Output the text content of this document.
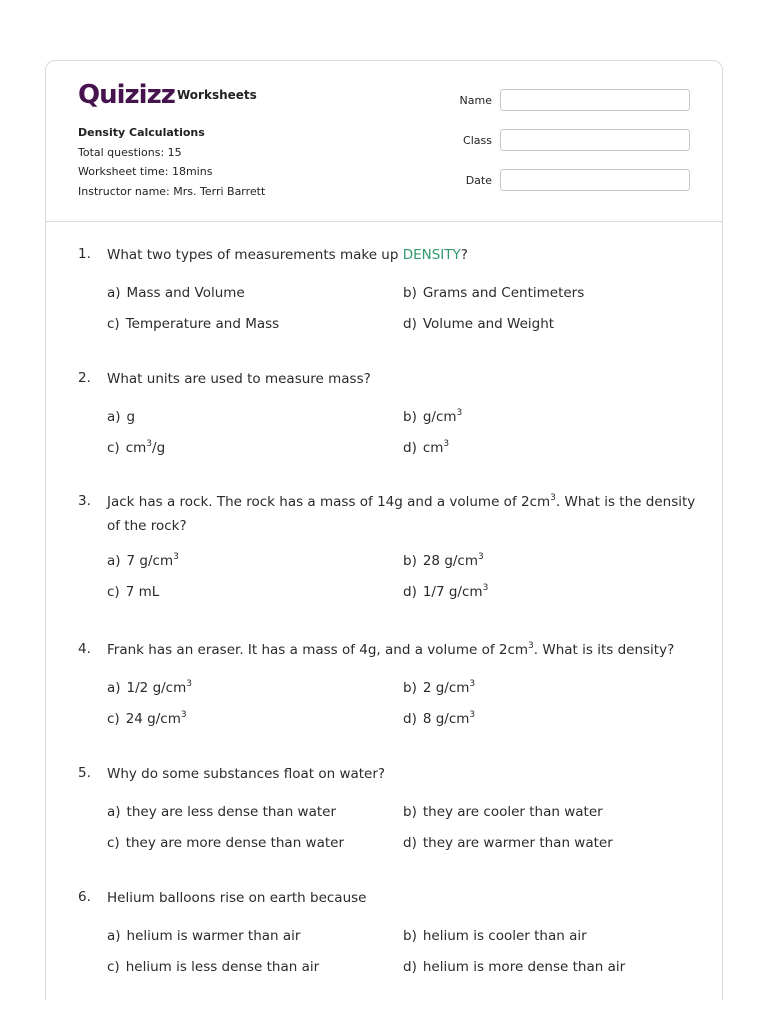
Quizizz Worksheets
Density Calculations
Total questions: 15
Worksheet time: 18mins
Instructor name: Mrs. Terri Barrett
Name
Class
Date
1. What two types of measurements make up DENSITY?
a) Mass and Volume	b) Grams and Centimeters
c) Temperature and Mass	d) Volume and Weight
2. What units are used to measure mass?
a) g	b) $g/cm^3$
c) $cm^3/g$	d) $cm^3$
3. Jack has a rock. The rock has a mass of 14g and a volume of $2cm^3$. What is the density of the rock?
a) 7 $g/cm^3$	b) 28 $g/cm^3$
c) 7 mL	d) 1/7 $g/cm^3$
4. Frank has an eraser. It has a mass of 4g, and a volume of $2cm^3$. What is its density?
a) 1/2 $g/cm^3$	b) 2 $g/cm^3$
c) 24 $g/cm^3$	d) 8 $g/cm^3$
5. Why do some substances float on water?
a) they are less dense than water	b) they are cooler than water
c) they are more dense than water	d) they are warmer than water
6. Helium balloons rise on earth because
a) helium is warmer than air	b) helium is cooler than air
c) helium is less dense than air	d) helium is more dense than air
